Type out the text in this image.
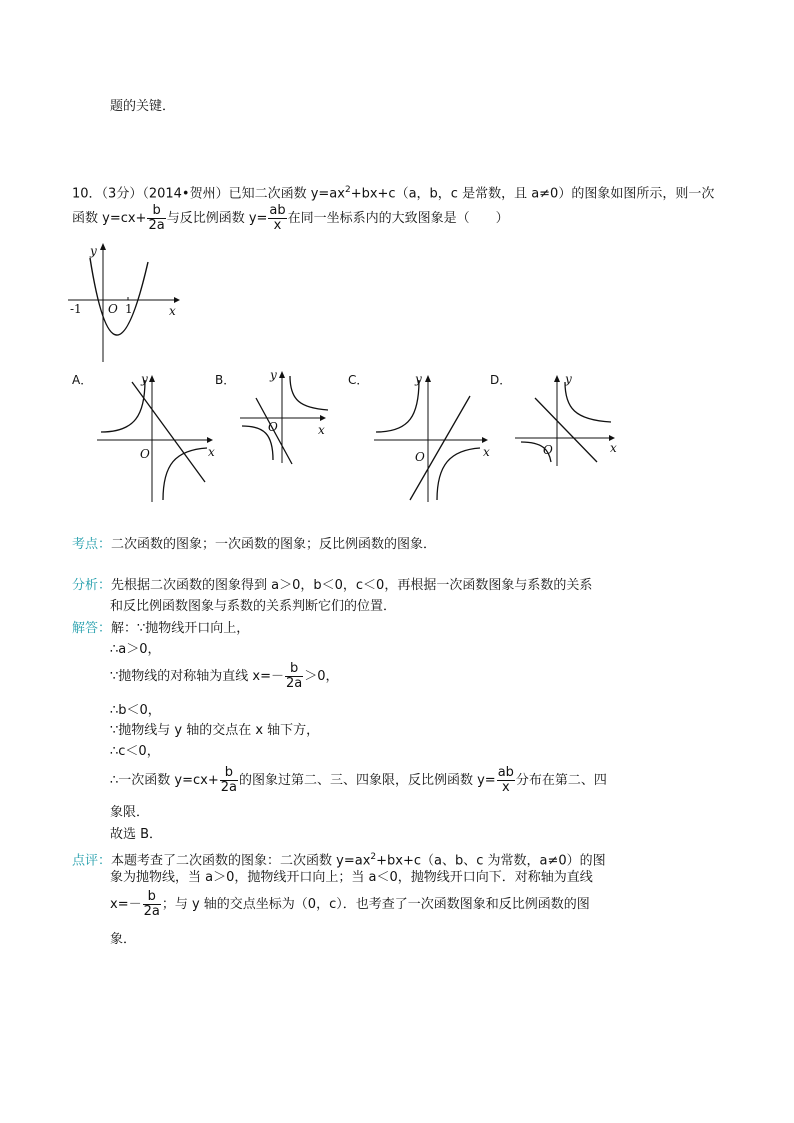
题的关键．
10．（3分）（2014•贺州）已知二次函数 $y=ax^2+bx+c(a$，b，c 是常数，且 a≠0）的图象如图所示，则一次
函数 $y=cx+ \frac{b}{2a}$ 与反比例函数 $y= \frac{ab}{x}$ 在同一坐标系内的大致图象是（　　）
-1	1
O	x
y
A．	B．	C．	D．
O	x
y
O	x
y
O	x
y
O	x
y
考点：二次函数的图象；一次函数的图象；反比例函数的图象．
分析：先根据二次函数的图象得到 a＞0，b＜0，c＜0，再根据一次函数图象与系数的关系
和反比例函数图象与系数的关系判断它们的位置．
解答：解：∵抛物线开口向上，
∴a＞0，
∵抛物线的对称轴为直线 $x=- \frac{b}{2a} >0$，
∴b＜0，
∵抛物线与 y 轴的交点在 x 轴下方，
∴c＜0，
∴一次函数 $y=cx+ \frac{b}{2a}$ 的图象过第二、三、四象限，反比例函数 $y= \frac{ab}{x}$ 分布在第二、四
象限．
故选 B．
点评：本题考查了二次函数的图象：二次函数 $y=ax^2+bx+c(a$、b、c 为常数，a≠0）的图
象为抛物线，当 a＞0，抛物线开口向上；当 a＜0，抛物线开口向下．对称轴为直线
$x=- \frac{b}{2a}$ ；与 y 轴的交点坐标为（0，c）．也考查了一次函数图象和反比例函数的图
象．
